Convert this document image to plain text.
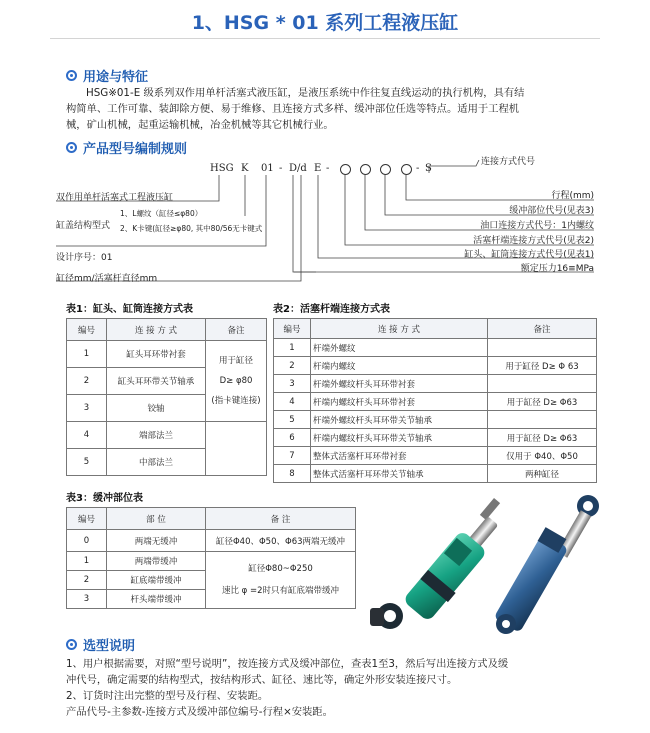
1、HSG * 01 系列工程液压缸
用途与特征
HSG※01-E 级系列双作用单杆活塞式液压缸，是液压系统中作往复直线运动的执行机构，具有结
构简单、工作可靠、装卸除方便、易于维修、且连接方式多样、缓冲部位任选等特点。适用于工程机
械，矿山机械，起重运输机械，冶金机械等其它机械行业。
产品型号编制规则
HSG K 01 - D/d E -	- S
连接方式代号
行程(mm)
缓冲部位代号(见表3)
油口连接方式代号：1内螺纹
活塞杆端连接方式代号(见表2)
缸头、缸筒连接方式代号(见表1)
额定压力16≡MPa
双作用单杆活塞式工程液压缸
缸盖结构型式
1、L螺纹（缸径≤φ80）
2、K卡键(缸径≥φ80, 其中80/56无卡键式
设计序号：01
缸径mm/活塞杆直径mm
表1：缸头、缸筒连接方式表
编号	连 接 方 式	备注
1	缸头耳环带衬套	用于缸径
D≥ φ80
(指卡键连接)

2	缸头耳环带关节轴承	
3	铰轴	
4	端部法兰	
5	中部法兰	
表2：活塞杆端连接方式表
编号	连 接 方 式	备注
1	杆端外螺纹	
2	杆端内螺纹	用于缸径 D≥ Φ 63
3	杆端外螺纹杆头耳环带衬套	
4	杆端内螺纹杆头耳环带衬套	用于缸径 D≥ Φ63
5	杆端外螺纹杆头耳环带关节轴承	
6	杆端内螺纹杆头耳环带关节轴承	用于缸径 D≥ Φ63
7	整体式活塞杆耳环带衬套	仅用于 Φ40、Φ50
8	整体式活塞杆耳环带关节轴承	两种缸径
表3：缓冲部位表
编号	部 位	备 注
0	两端无缓冲	缸径Φ40、Φ50、Φ63两端无缓冲
1	两端带缓冲	缸径Φ80~Φ250
速比 φ =2时只有缸底端带缓冲

2	缸底端带缓冲	
3	杆头端带缓冲	
选型说明
1、用户根据需要，对照“型号说明”，按连接方式及缓冲部位，查表1至3，然后写出连接方式及缓
冲代号，确定需要的结构型式，按结构形式、缸径、速比等，确定外形安装连接尺寸。
2、订货时注出完整的型号及行程、安装距。
产品代号-主参数-连接方式及缓冲部位编号-行程×安装距。
